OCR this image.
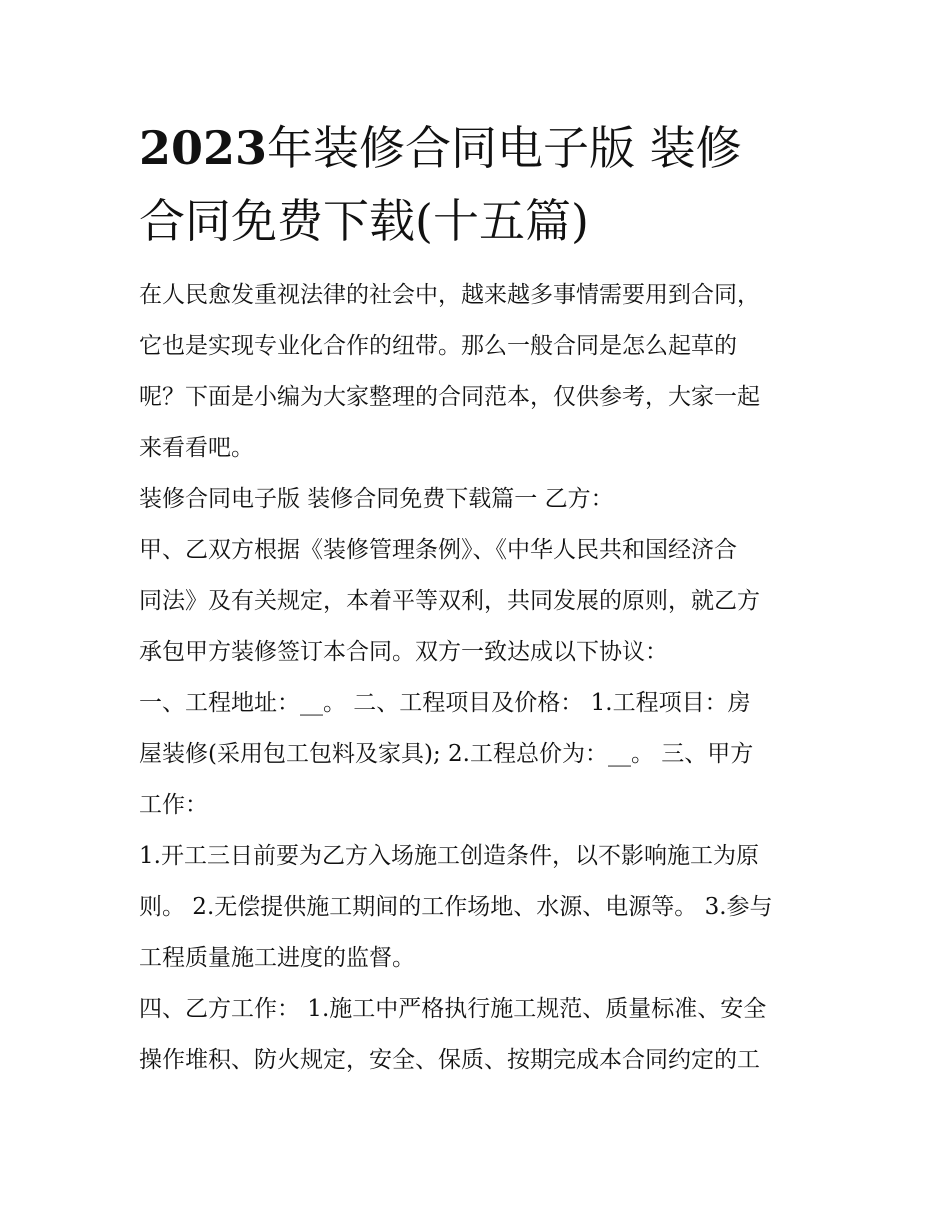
2023年装修合同电子版 装修
合同免费下载(十五篇)

在人民愈发重视法律的社会中，越来越多事情需要用到合同，
它也是实现专业化合作的纽带。那么一般合同是怎么起草的
呢？下面是小编为大家整理的合同范本，仅供参考，大家一起
来看看吧。

装修合同电子版 装修合同免费下载篇一 乙方：

甲、乙双方根据《装修管理条例》、《中华人民共和国经济合
同法》及有关规定，本着平等双利，共同发展的原则，就乙方
承包甲方装修签订本合同。双方一致达成以下协议：

一、工程地址：__。 二、工程项目及价格： 1.工程项目：房
屋装修(采用包工包料及家具); 2.工程总价为：__。 三、甲方
工作：

1.开工三日前要为乙方入场施工创造条件，以不影响施工为原
则。 2.无偿提供施工期间的工作场地、水源、电源等。 3.参与
工程质量施工进度的监督。

四、乙方工作： 1.施工中严格执行施工规范、质量标准、安全
操作堆积、防火规定，安全、保质、按期完成本合同约定的工
